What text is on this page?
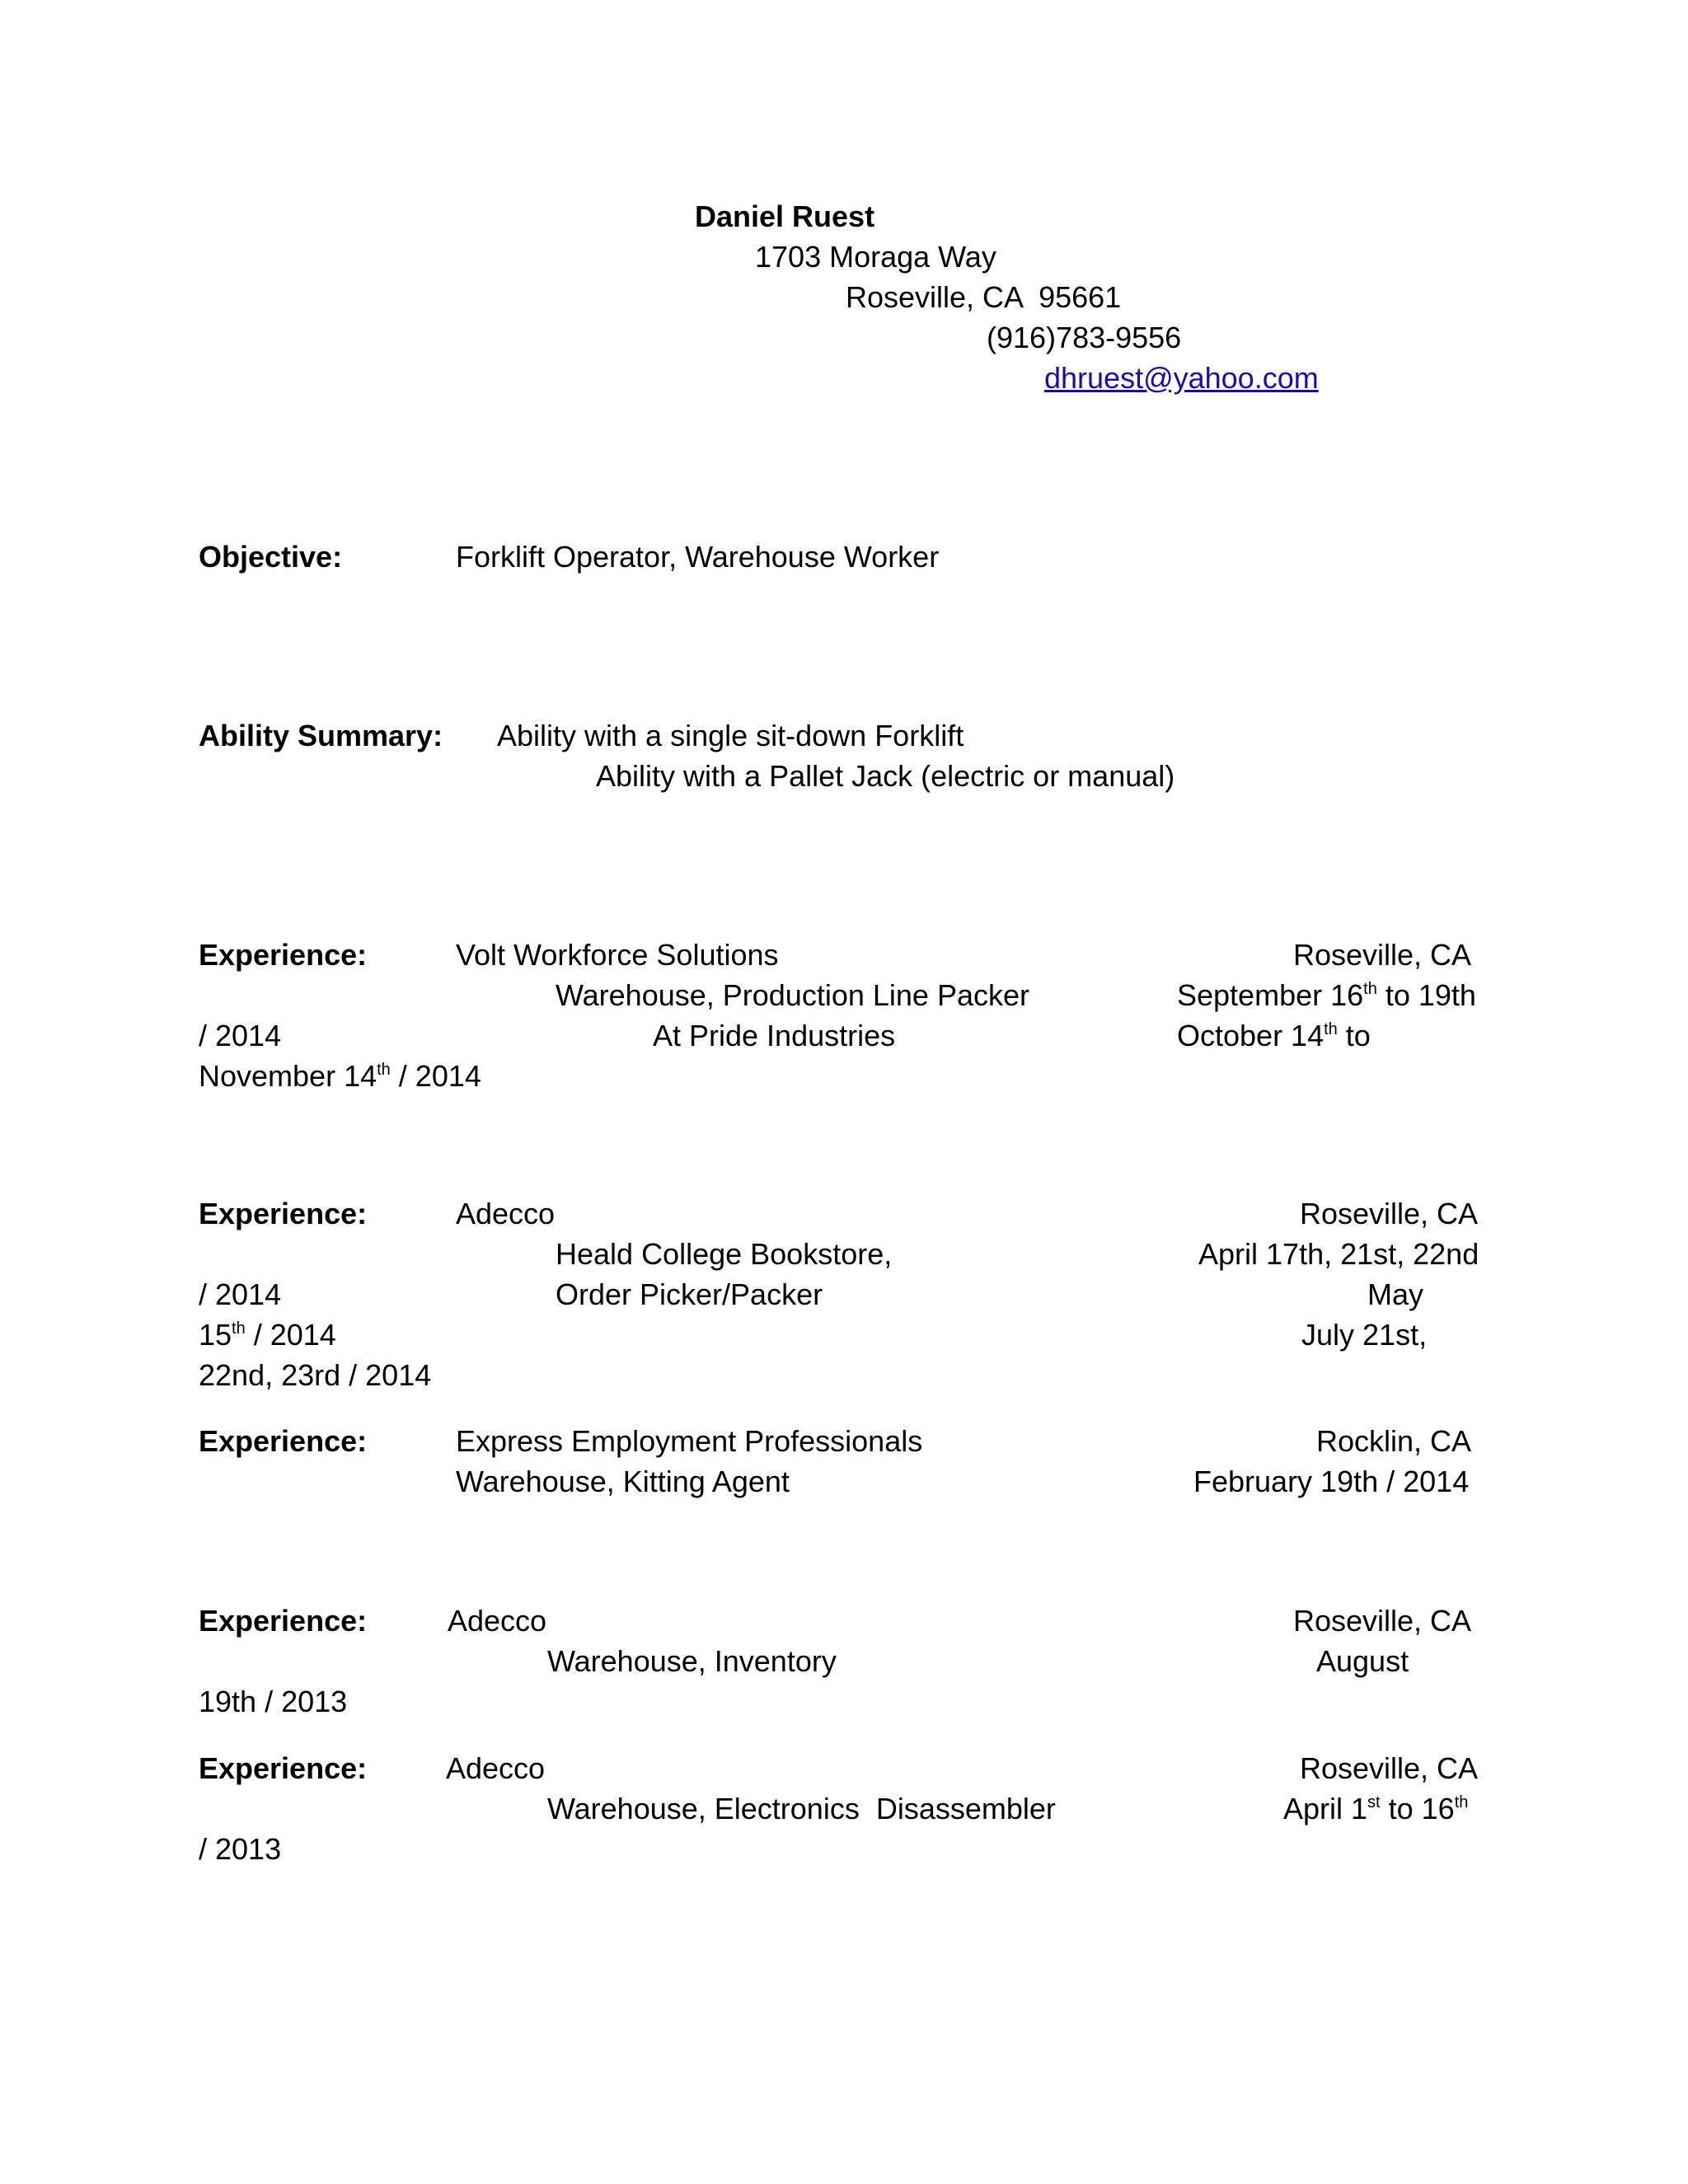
Daniel Ruest
1703 Moraga Way
Roseville, CA  95661
(916)783-9556
dhruest@yahoo.com
Objective:	Forklift Operator, Warehouse Worker
Ability Summary: Ability with a single sit-down Forklift
Ability with a Pallet Jack (electric or manual)
Experience:	Volt Workforce Solutions	Roseville, CA
Warehouse, Production Line Packer	September 16th to 19th
/ 2014	At Pride Industries	October 14th to
November 14th / 2014
Experience:	Adecco	Roseville, CA
Heald College Bookstore,	April 17th, 21st, 22nd
/ 2014	Order Picker/Packer	May
15th / 2014	July 21st,
22nd, 23rd / 2014
Experience:	Express Employment Professionals	Rocklin, CA
Warehouse, Kitting Agent	February 19th / 2014
Experience:	Adecco	Roseville, CA
Warehouse, Inventory	August
19th / 2013
Experience:	Adecco	Roseville, CA
Warehouse, Electronics  Disassembler	April 1st to 16th
/ 2013
